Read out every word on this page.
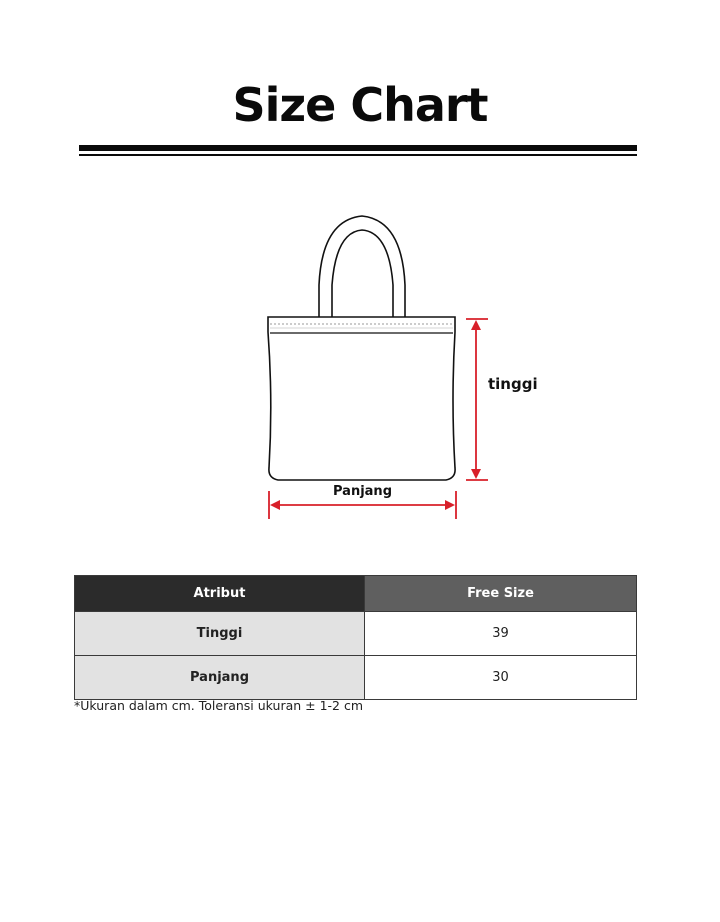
Size Chart
tinggi
Panjang
Atribut	Free Size
Tinggi	39
Panjang	30
*Ukuran dalam cm. Toleransi ukuran ± 1-2 cm
